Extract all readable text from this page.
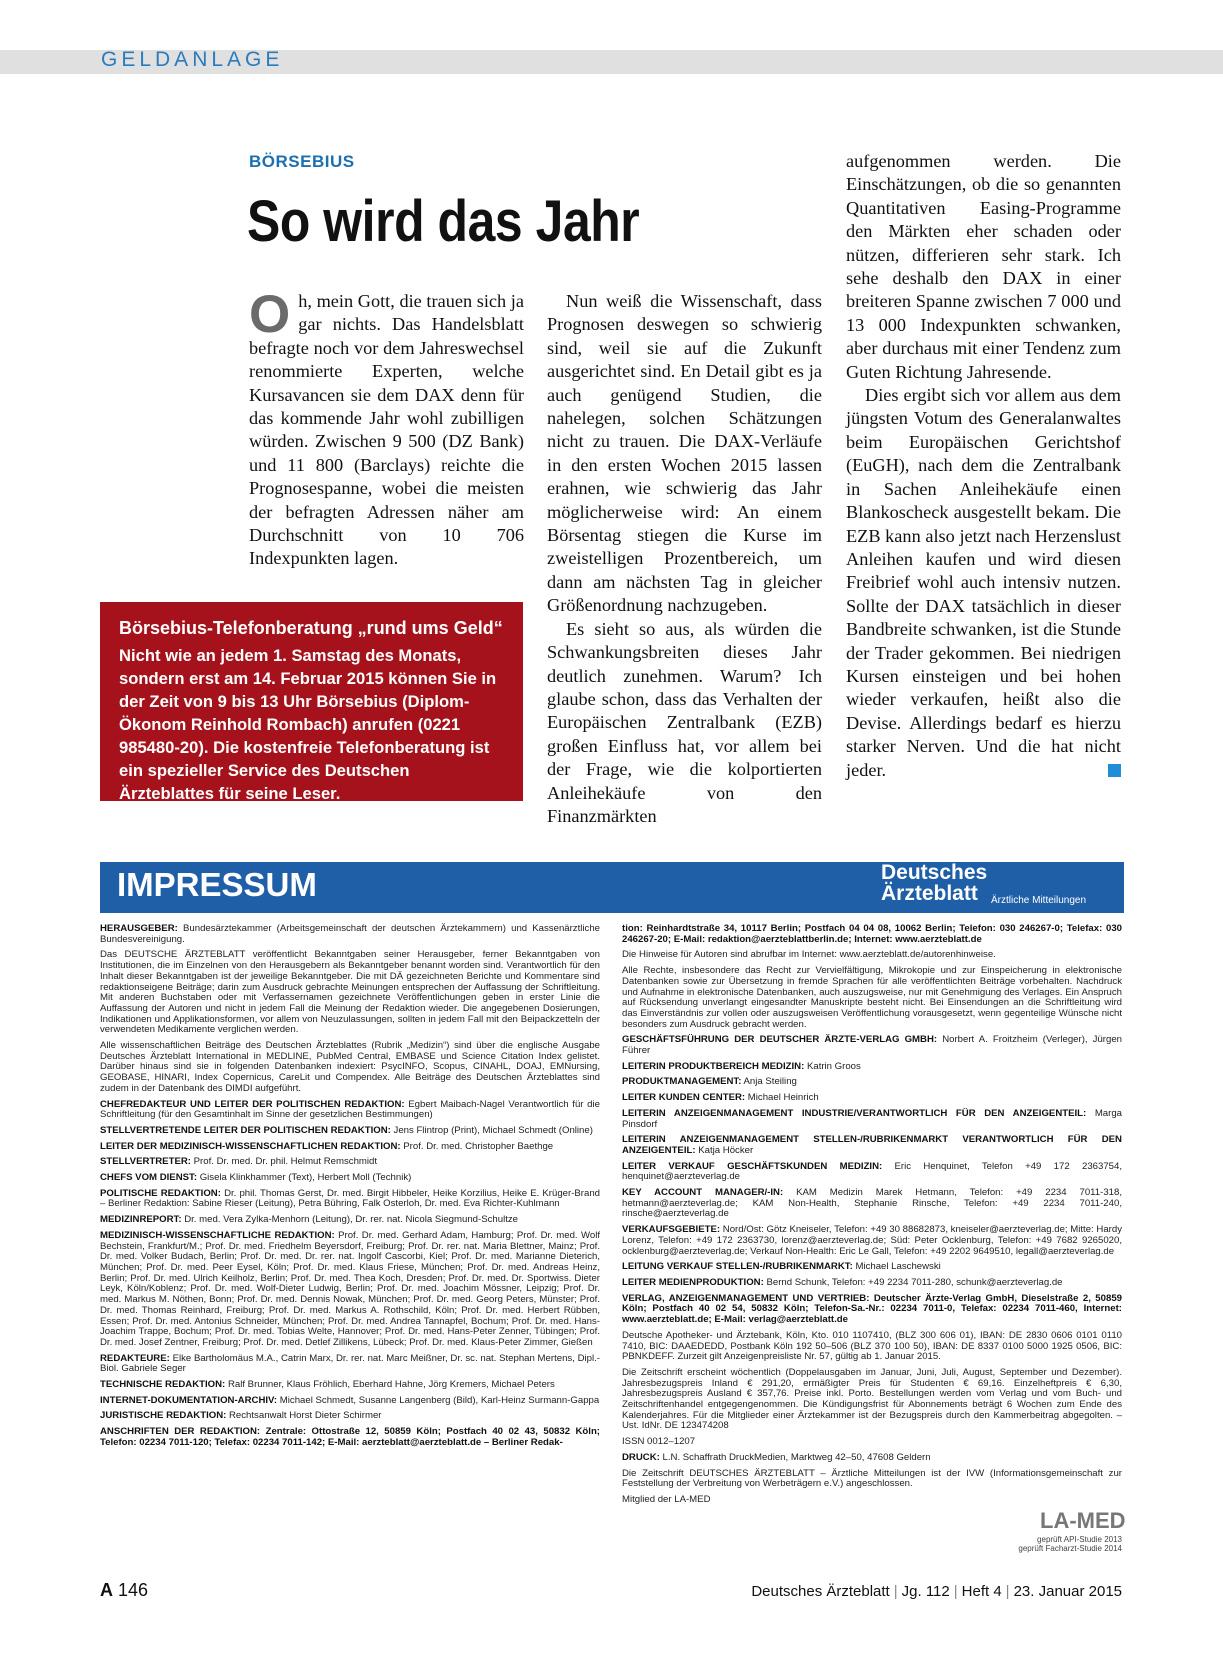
GELDANLAGE
BÖRSEBIUS
So wird das Jahr
O h, mein Gott, die trauen sich ja gar nichts. Das Handelsblatt befragte noch vor dem Jahreswechsel renommierte Experten, welche Kursavancen sie dem DAX denn für das kommende Jahr wohl zubilligen würden. Zwischen 9 500 (DZ Bank) und 11 800 (Barclays) reichte die Prognosespanne, wobei die meisten der befragten Adressen näher am Durchschnitt von 10 706 Indexpunkten lagen.

Nun weiß die Wissenschaft, dass Prognosen deswegen so schwierig sind, weil sie auf die Zukunft ausgerichtet sind. En Detail gibt es ja auch genügend Studien, die nahelegen, solchen Schätzungen nicht zu trauen. Die DAX-Verläufe in den ersten Wochen 2015 lassen erahnen, wie schwierig das Jahr möglicherweise wird: An einem Börsentag stiegen die Kurse im zweistelligen Prozentbereich, um dann am nächsten Tag in gleicher Größenordnung nachzugeben.

Es sieht so aus, als würden die Schwankungsbreiten dieses Jahr deutlich zunehmen. Warum? Ich glaube schon, dass das Verhalten der Europäischen Zentralbank (EZB) großen Einfluss hat, vor allem bei der Frage, wie die kolportierten Anleihekäufe von den Finanzmärkten

aufgenommen werden. Die Einschätzungen, ob die so genannten Quantitativen Easing-Programme den Märkten eher schaden oder nützen, differieren sehr stark. Ich sehe deshalb den DAX in einer breiteren Spanne zwischen 7 000 und 13 000 Indexpunkten schwanken, aber durchaus mit einer Tendenz zum Guten Richtung Jahresende.

Dies ergibt sich vor allem aus dem jüngsten Votum des Generalanwaltes beim Europäischen Gerichtshof (EuGH), nach dem die Zentralbank in Sachen Anleihekäufe einen Blankoscheck ausgestellt bekam. Die EZB kann also jetzt nach Herzenslust Anleihen kaufen und wird diesen Freibrief wohl auch intensiv nutzen. Sollte der DAX tatsächlich in dieser Bandbreite schwanken, ist die Stunde der Trader gekommen. Bei niedrigen Kursen einsteigen und bei hohen wieder verkaufen, heißt also die Devise. Allerdings bedarf es hierzu starker Nerven. Und die hat nicht jeder.

Börsebius-Telefonberatung „rund ums Geld“
Nicht wie an jedem 1. Samstag des Monats, sondern erst am 14. Februar 2015 können Sie in der Zeit von 9 bis 13 Uhr Börsebius (Diplom-Ökonom Reinhold Rombach) anrufen (0221 985480-20). Die kostenfreie Telefonberatung ist ein spezieller Service des Deutschen Ärzteblattes für seine Leser.
IMPRESSUM	Deutsches
Ärzteblatt Ärztliche Mitteilungen

HERAUSGEBER: Bundesärztekammer (Arbeitsgemeinschaft der deutschen Ärztekammern) und Kassenärztliche Bundesvereinigung.

Das DEUTSCHE ÄRZTEBLATT veröffentlicht Bekanntgaben seiner Herausgeber, ferner Bekanntgaben von Institutionen, die im Einzelnen von den Herausgebern als Bekanntgeber benannt worden sind. Verantwortlich für den Inhalt dieser Bekanntgaben ist der jeweilige Bekanntgeber. Die mit DÄ gezeichneten Berichte und Kommentare sind redaktionseigene Beiträge; darin zum Ausdruck gebrachte Meinungen entsprechen der Auffassung der Schriftleitung. Mit anderen Buchstaben oder mit Verfassernamen gezeichnete Veröffentlichungen geben in erster Linie die Auffassung der Autoren und nicht in jedem Fall die Meinung der Redaktion wieder. Die angegebenen Dosierungen, Indikationen und Applikationsformen, vor allem von Neuzulassungen, sollten in jedem Fall mit den Beipackzetteln der verwendeten Medikamente verglichen werden.

Alle wissenschaftlichen Beiträge des Deutschen Ärzteblattes (Rubrik „Medizin“) sind über die englische Ausgabe Deutsches Ärzteblatt International in MEDLINE, PubMed Central, EMBASE und Science Citation Index gelistet. Darüber hinaus sind sie in folgenden Datenbanken indexiert: PsycINFO, Scopus, CINAHL, DOAJ, EMNursing, GEOBASE, HINARI, Index Copernicus, CareLit und Compendex. Alle Beiträge des Deutschen Ärzteblattes sind zudem in der Datenbank des DIMDI aufgeführt.

CHEFREDAKTEUR UND LEITER DER POLITISCHEN REDAKTION: Egbert Maibach-Nagel Verantwortlich für die Schriftleitung (für den Gesamtinhalt im Sinne der gesetzlichen Bestimmungen)

STELLVERTRETENDE LEITER DER POLITISCHEN REDAKTION: Jens Flintrop (Print), Michael Schmedt (Online)

LEITER DER MEDIZINISCH-WISSENSCHAFTLICHEN REDAKTION: Prof. Dr. med. Christopher Baethge

STELLVERTRETER: Prof. Dr. med. Dr. phil. Helmut Remschmidt

CHEFS VOM DIENST: Gisela Klinkhammer (Text), Herbert Moll (Technik)

POLITISCHE REDAKTION: Dr. phil. Thomas Gerst, Dr. med. Birgit Hibbeler, Heike Korzilius, Heike E. Krüger-Brand – Berliner Redaktion: Sabine Rieser (Leitung), Petra Bühring, Falk Osterloh, Dr. med. Eva Richter-Kuhlmann

MEDIZINREPORT: Dr. med. Vera Zylka-Menhorn (Leitung), Dr. rer. nat. Nicola Siegmund-Schultze

MEDIZINISCH-WISSENSCHAFTLICHE REDAKTION: Prof. Dr. med. Gerhard Adam, Hamburg; Prof. Dr. med. Wolf Bechstein, Frankfurt/M.; Prof. Dr. med. Friedhelm Beyersdorf, Freiburg; Prof. Dr. rer. nat. Maria Blettner, Mainz; Prof. Dr. med. Volker Budach, Berlin; Prof. Dr. med. Dr. rer. nat. Ingolf Cascorbi, Kiel; Prof. Dr. med. Marianne Dieterich, München; Prof. Dr. med. Peer Eysel, Köln; Prof. Dr. med. Klaus Friese, München; Prof. Dr. med. Andreas Heinz, Berlin; Prof. Dr. med. Ulrich Keilholz, Berlin; Prof. Dr. med. Thea Koch, Dresden; Prof. Dr. med. Dr. Sportwiss. Dieter Leyk, Köln/Koblenz; Prof. Dr. med. Wolf-Dieter Ludwig, Berlin; Prof. Dr. med. Joachim Mössner, Leipzig; Prof. Dr. med. Markus M. Nöthen, Bonn; Prof. Dr. med. Dennis Nowak, München; Prof. Dr. med. Georg Peters, Münster; Prof. Dr. med. Thomas Reinhard, Freiburg; Prof. Dr. med. Markus A. Rothschild, Köln; Prof. Dr. med. Herbert Rübben, Essen; Prof. Dr. med. Antonius Schneider, München; Prof. Dr. med. Andrea Tannapfel, Bochum; Prof. Dr. med. Hans-Joachim Trappe, Bochum; Prof. Dr. med. Tobias Welte, Hannover; Prof. Dr. med. Hans-Peter Zenner, Tübingen; Prof. Dr. med. Josef Zentner, Freiburg; Prof. Dr. med. Detlef Zillikens, Lübeck; Prof. Dr. med. Klaus-Peter Zimmer, Gießen

REDAKTEURE: Elke Bartholomäus M.A., Catrin Marx, Dr. rer. nat. Marc Meißner, Dr. sc. nat. Stephan Mertens, Dipl.-Biol. Gabriele Seger

TECHNISCHE REDAKTION: Ralf Brunner, Klaus Fröhlich, Eberhard Hahne, Jörg Kremers, Michael Peters

INTERNET-DOKUMENTATION-ARCHIV: Michael Schmedt, Susanne Langenberg (Bild), Karl-Heinz Surmann-Gappa

JURISTISCHE REDAKTION: Rechtsanwalt Horst Dieter Schirmer

ANSCHRIFTEN DER REDAKTION: Zentrale: Ottostraße 12, 50859 Köln; Postfach 40 02 43, 50832 Köln; Telefon: 02234 7011-120; Telefax: 02234 7011-142; E-Mail: aerzteblatt@aerzteblatt.de – Berliner Redak-

tion: Reinhardtstraße 34, 10117 Berlin; Postfach 04 04 08, 10062 Berlin; Telefon: 030 246267-0; Telefax: 030 246267-20; E-Mail: redaktion@aerzteblattberlin.de; Internet: www.aerzteblatt.de

Die Hinweise für Autoren sind abrufbar im Internet: www.aerzteblatt.de/autorenhinweise.

Alle Rechte, insbesondere das Recht zur Vervielfältigung, Mikrokopie und zur Einspeicherung in elektronische Datenbanken sowie zur Übersetzung in fremde Sprachen für alle veröffentlichten Beiträge vorbehalten. Nachdruck und Aufnahme in elektronische Datenbanken, auch auszugsweise, nur mit Genehmigung des Verlages. Ein Anspruch auf Rücksendung unverlangt eingesandter Manuskripte besteht nicht. Bei Einsendungen an die Schriftleitung wird das Einverständnis zur vollen oder auszugsweisen Veröffentlichung vorausgesetzt, wenn gegenteilige Wünsche nicht besonders zum Ausdruck gebracht werden.

GESCHÄFTSFÜHRUNG DER DEUTSCHER ÄRZTE-VERLAG GMBH: Norbert A. Froitzheim (Verleger), Jürgen Führer

LEITERIN PRODUKTBEREICH MEDIZIN: Katrin Groos

PRODUKTMANAGEMENT: Anja Steiling

LEITER KUNDEN CENTER: Michael Heinrich

LEITERIN ANZEIGENMANAGEMENT INDUSTRIE/VERANTWORTLICH FÜR DEN ANZEIGENTEIL: Marga Pinsdorf

LEITERIN ANZEIGENMANAGEMENT STELLEN-/RUBRIKENMARKT VERANTWORTLICH FÜR DEN ANZEIGENTEIL: Katja Höcker

LEITER VERKAUF GESCHÄFTSKUNDEN MEDIZIN: Eric Henquinet, Telefon +49 172 2363754, henquinet@aerzteverlag.de

KEY ACCOUNT MANAGER/-IN: KAM Medizin Marek Hetmann, Telefon: +49 2234 7011-318, hetmann@aerzteverlag.de; KAM Non-Health, Stephanie Rinsche, Telefon: +49 2234 7011-240, rinsche@aerzteverlag.de

VERKAUFSGEBIETE: Nord/Ost: Götz Kneiseler, Telefon: +49 30 88682873, kneiseler@aerzteverlag.de; Mitte: Hardy Lorenz, Telefon: +49 172 2363730, lorenz@aerzteverlag.de; Süd: Peter Ocklenburg, Telefon: +49 7682 9265020, ocklenburg@aerzteverlag.de; Verkauf Non-Health: Eric Le Gall, Telefon: +49 2202 9649510, legall@aerzteverlag.de

LEITUNG VERKAUF STELLEN-/RUBRIKENMARKT: Michael Laschewski

LEITER MEDIENPRODUKTION: Bernd Schunk, Telefon: +49 2234 7011-280, schunk@aerzteverlag.de

VERLAG, ANZEIGENMANAGEMENT UND VERTRIEB: Deutscher Ärzte-Verlag GmbH, Dieselstraße 2, 50859 Köln; Postfach 40 02 54, 50832 Köln; Telefon-Sa.-Nr.: 02234 7011-0, Telefax: 02234 7011-460, Internet: www.aerzteblatt.de; E-Mail: verlag@aerzteblatt.de

Deutsche Apotheker- und Ärztebank, Köln, Kto. 010 1107410, (BLZ 300 606 01), IBAN: DE 2830 0606 0101 0110 7410, BIC: DAAEDEDD, Postbank Köln 192 50–506 (BLZ 370 100 50), IBAN: DE 8337 0100 5000 1925 0506, BIC: PBNKDEFF. Zurzeit gilt Anzeigenpreisliste Nr. 57, gültig ab 1. Januar 2015.

Die Zeitschrift erscheint wöchentlich (Doppelausgaben im Januar, Juni, Juli, August, September und Dezember). Jahresbezugspreis Inland € 291,20, ermäßigter Preis für Studenten € 69,16. Einzelheftpreis € 6,30, Jahresbezugspreis Ausland € 357,76. Preise inkl. Porto. Bestellungen werden vom Verlag und vom Buch- und Zeitschriftenhandel entgegengenommen. Die Kündigungsfrist für Abonnements beträgt 6 Wochen zum Ende des Kalenderjahres. Für die Mitglieder einer Ärztekammer ist der Bezugspreis durch den Kammerbeitrag abgegolten. – Ust. IdNr. DE 123474208

ISSN 0012–1207

DRUCK: L.N. Schaffrath DruckMedien, Marktweg 42–50, 47608 Geldern

Die Zeitschrift DEUTSCHES ÄRZTEBLATT – Ärztliche Mitteilungen ist der IVW (Informationsgemeinschaft zur Feststellung der Verbreitung von Werbeträgern e.V.) angeschlossen.

Mitglied der LA-MED

LA-MED
geprüft API-Studie 2013
geprüft Facharzt-Studie 2014
A 146	Deutsches Ärzteblatt | Jg. 112 | Heft 4 | 23. Januar 2015
